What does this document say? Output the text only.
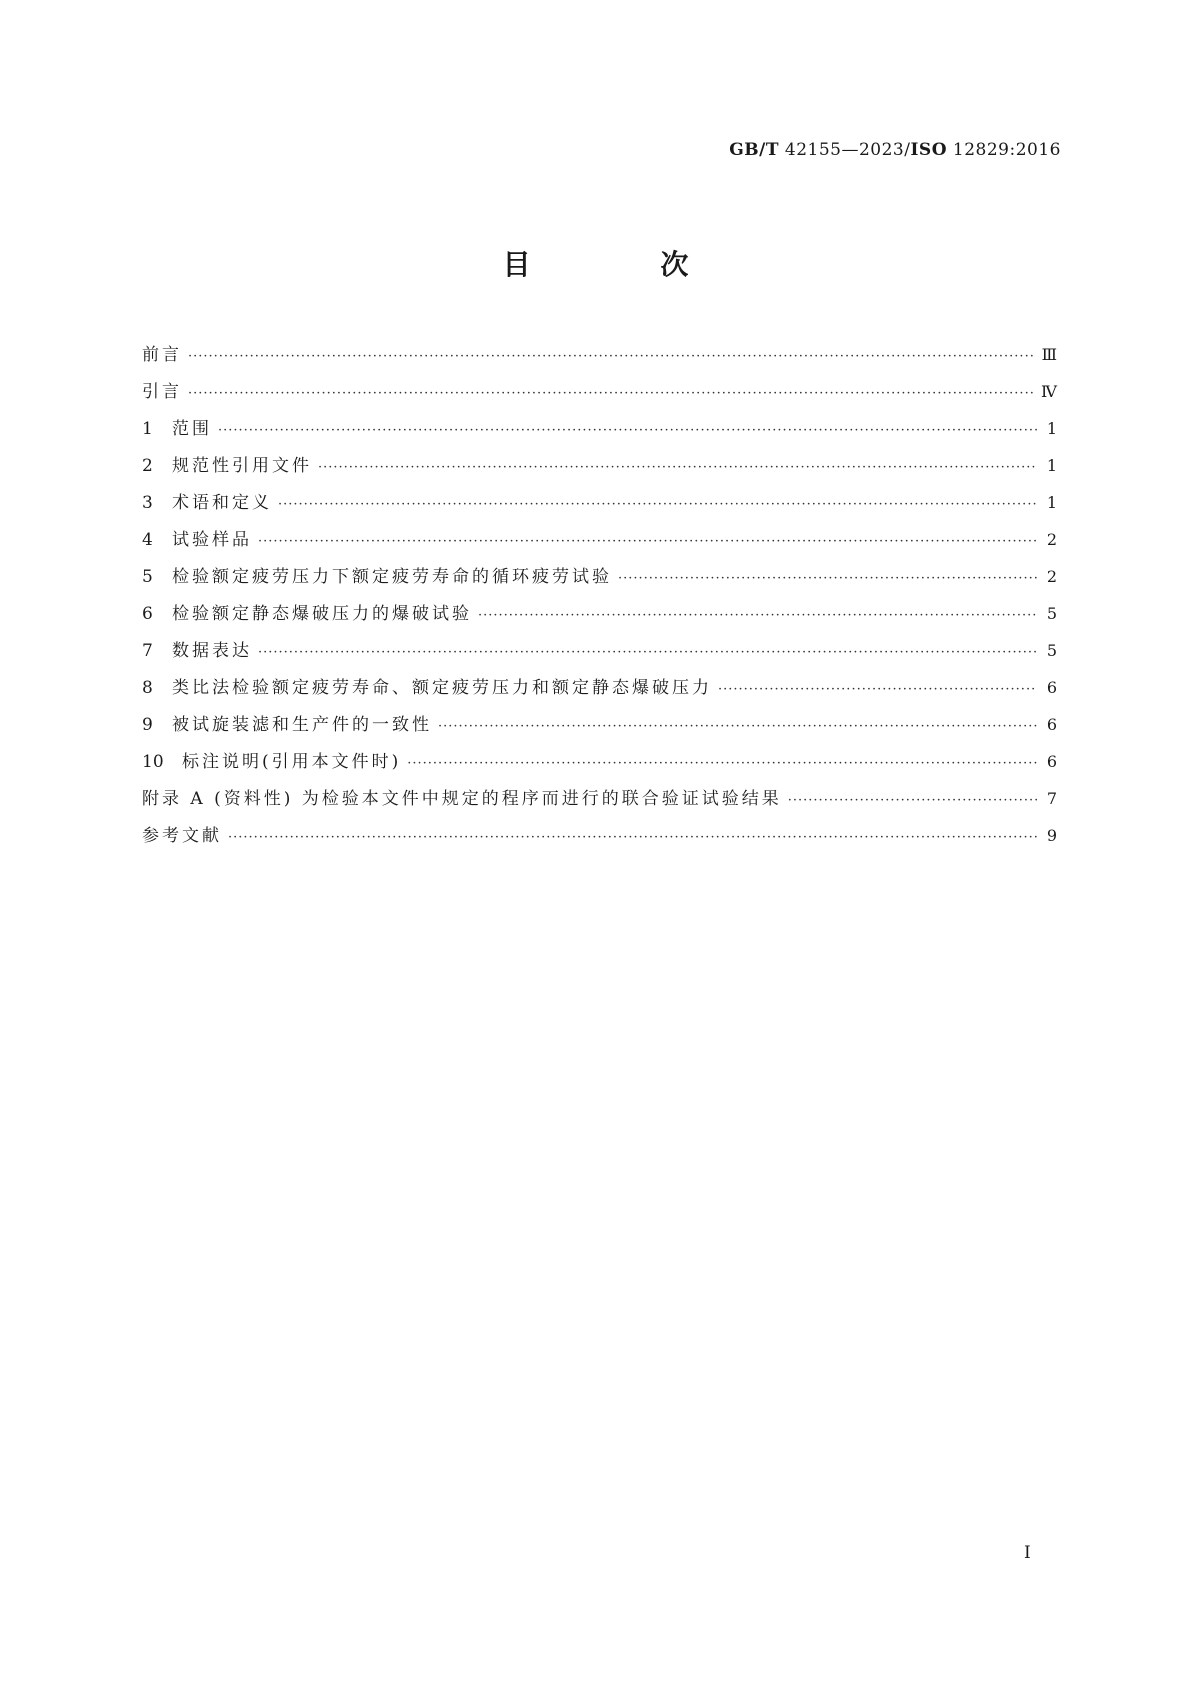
GB/T 42155—2023/ISO 12829:2016
目 次
前言 ·····	Ⅲ
引言 ·····	Ⅳ
1	范围 ·····	1
2	规范性引用文件 ·····	1
3	术语和定义 ·····	1
4	试验样品 ·····	2
5	检验额定疲劳压力下额定疲劳寿命的循环疲劳试验 ·····	2
6	检验额定静态爆破压力的爆破试验 ·····	5
7	数据表达 ·····	5
8	类比法检验额定疲劳寿命、额定疲劳压力和额定静态爆破压力 ·····	6
9	被试旋装滤和生产件的一致性 ·····	6
10 标注说明(引用本文件时) ·····	6
附录 A (资料性) 为检验本文件中规定的程序而进行的联合验证试验结果 ·····	7
参考文献 ·····	9
I
